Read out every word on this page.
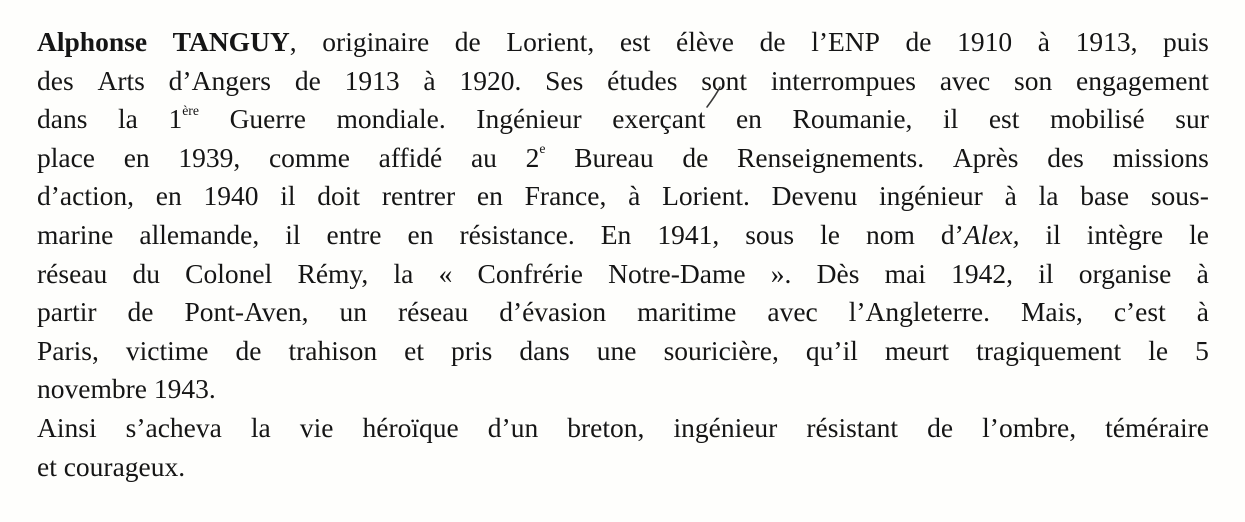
Alphonse TANGUY, originaire de Lorient, est élève de l’ENP de 1910 à 1913, puis
des Arts d’Angers de 1913 à 1920. Ses études sont interrompues avec son engagement
dans la 1ère Guerre mondiale. Ingénieur exerçant en Roumanie, il est mobilisé sur
place en 1939, comme affidé au 2e Bureau de Renseignements. Après des missions
d’action, en 1940 il doit rentrer en France, à Lorient. Devenu ingénieur à la base sous-
marine allemande, il entre en résistance. En 1941, sous le nom d’Alex, il intègre le
réseau du Colonel Rémy, la « Confrérie Notre-Dame ». Dès mai 1942, il organise à
partir de Pont-Aven, un réseau d’évasion maritime avec l’Angleterre. Mais, c’est à
Paris, victime de trahison et pris dans une souricière, qu’il meurt tragiquement le 5
novembre 1943.
Ainsi s’acheva la vie héroïque d’un breton, ingénieur résistant de l’ombre, téméraire
et courageux.
